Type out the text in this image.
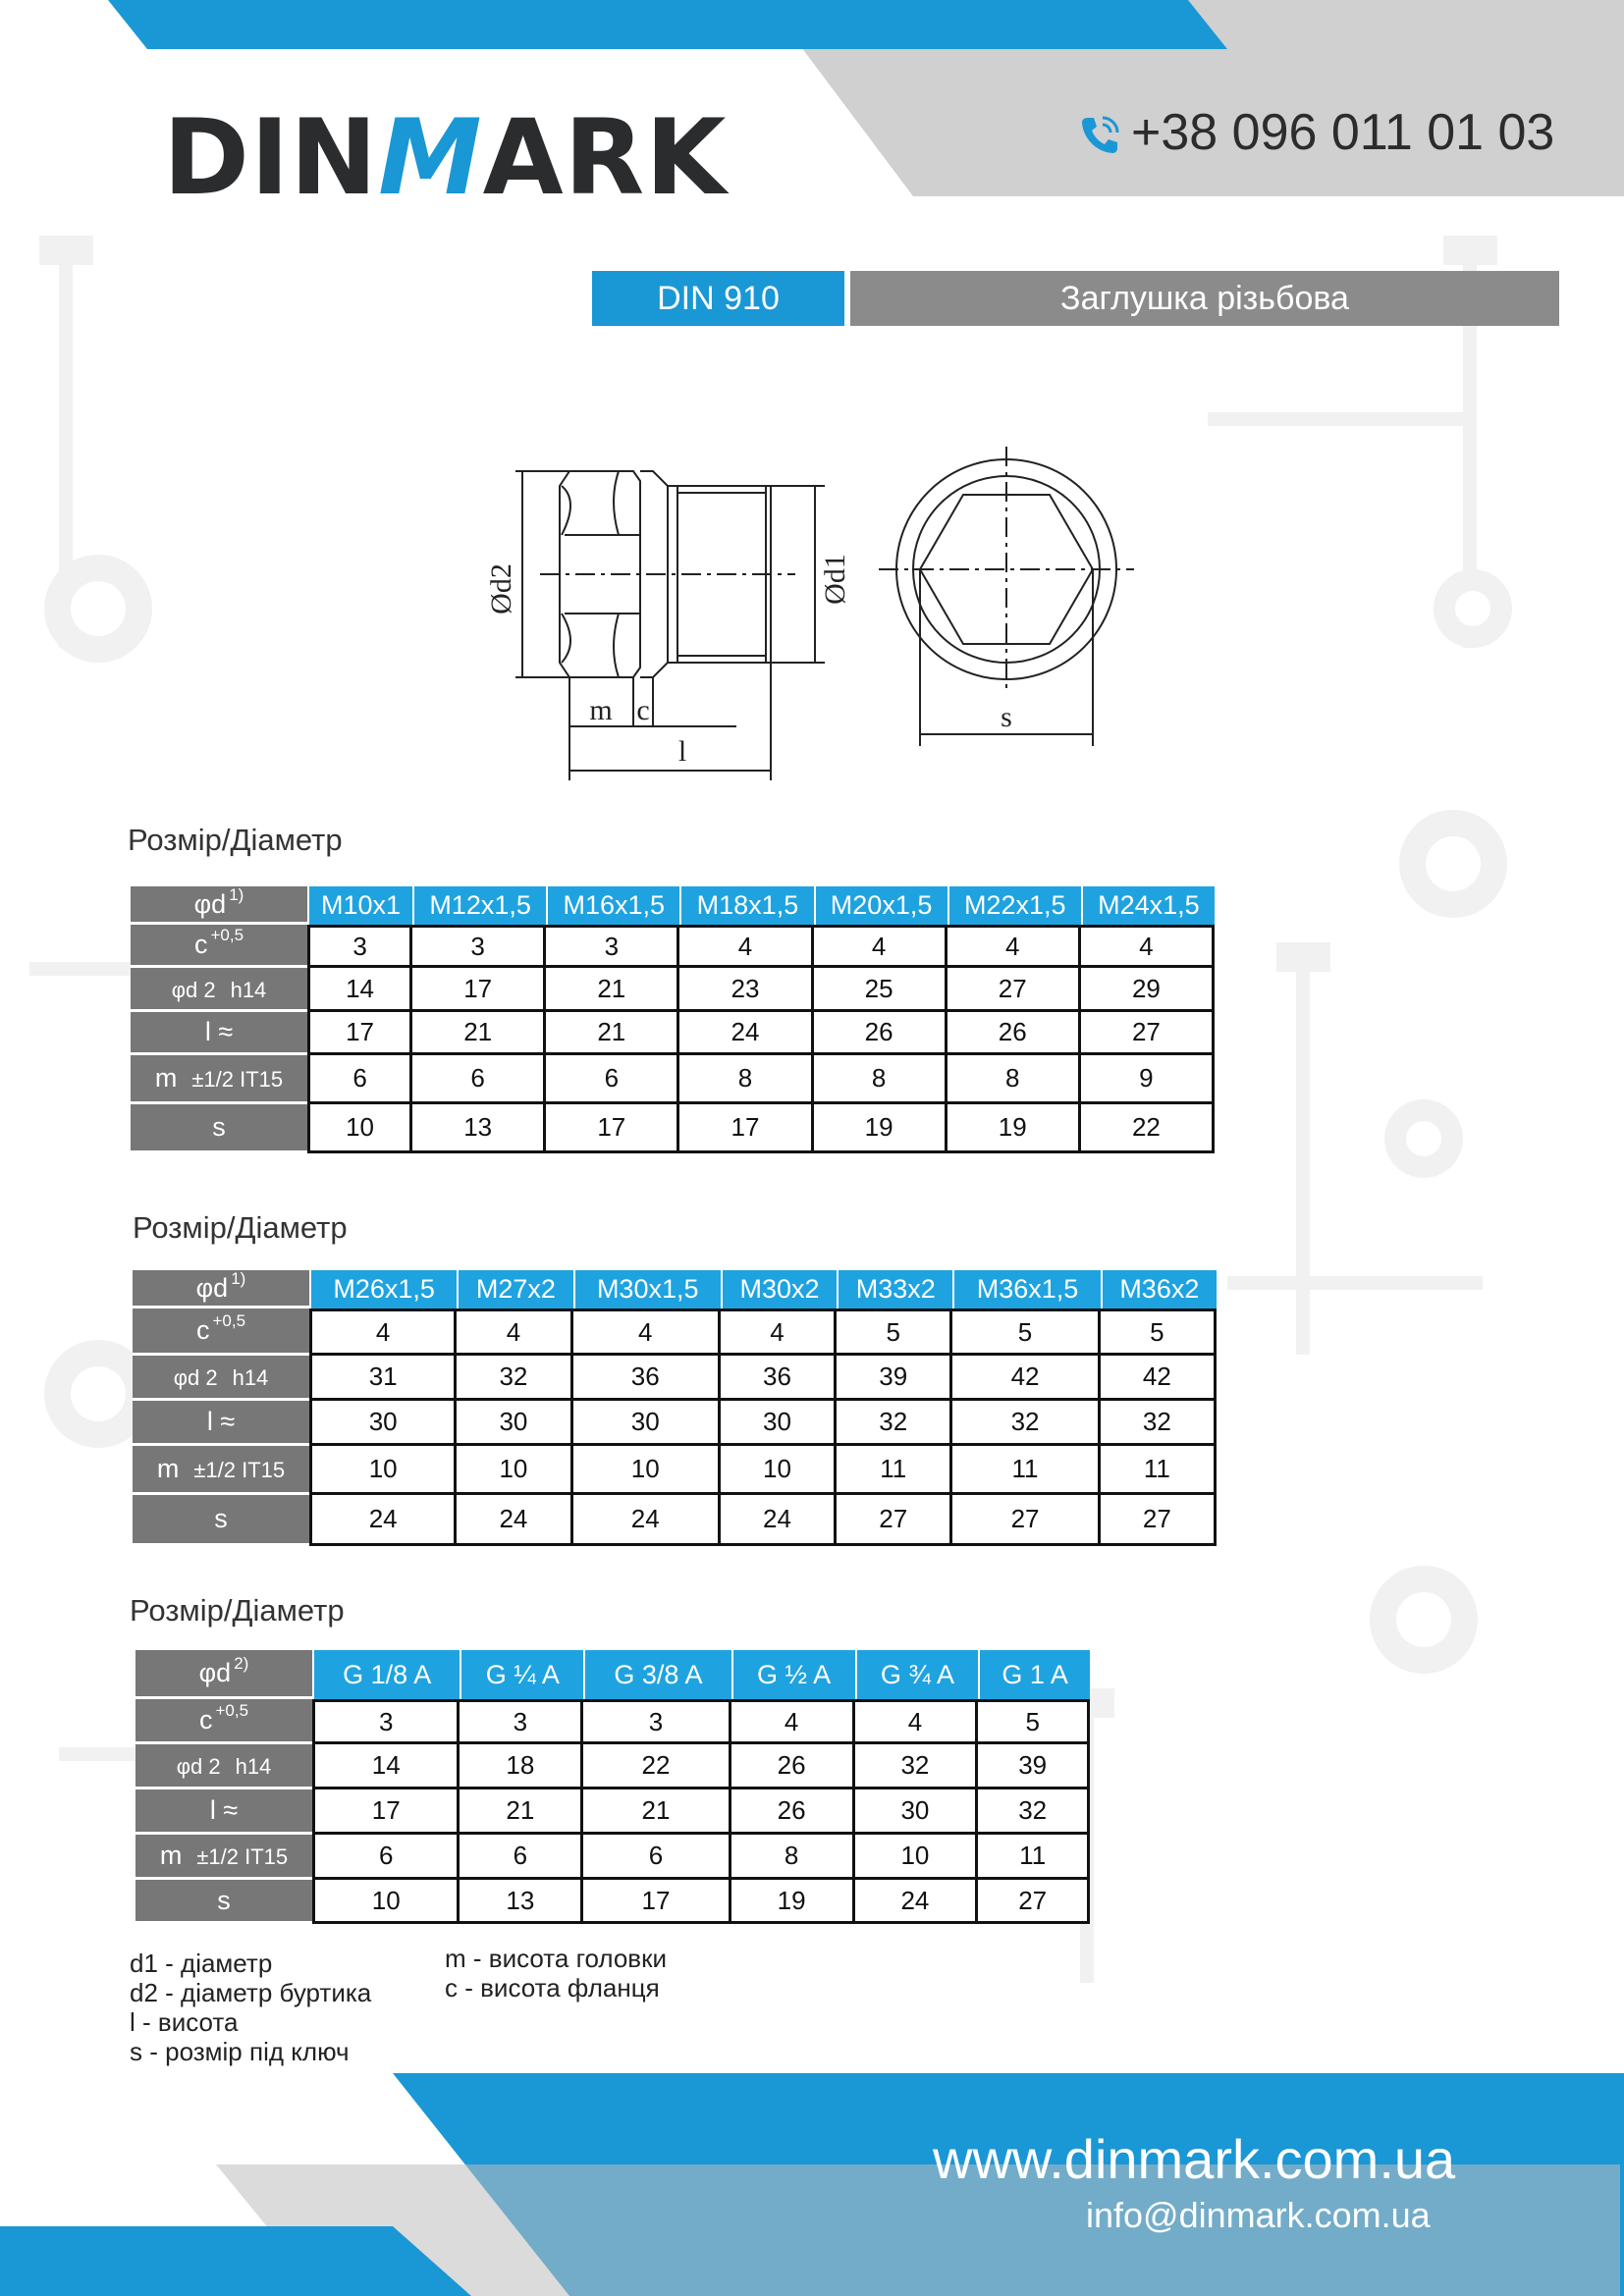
DINMARK	+38 096 011 01 03
DIN 910	Заглушка різьбова
Ød2	Ød1
m c
l
s
Розмір/Діаметр
φd $^{1)}$	M10x1	M12x1,5	M16x1,5	M18x1,5	M20x1,5	M22x1,5	M24x1,5
c $^{+0,5}$	3	3	3	4	4	4	4
φd 2 h14	14	17	21	23	25	27	29
l ≈	17	21	21	24	26	26	27
m ±1/2 IT15	6	6	6	8	8	8	9
s	10	13	17	17	19	19	22
Розмір/Діаметр
φd $^{1)}$	M26x1,5	M27x2	M30x1,5	M30x2	M33x2	M36x1,5	M36x2
c $^{+0,5}$	4	4	4	4	5	5	5
φd 2 h14	31	32	36	36	39	42	42
l ≈	30	30	30	30	32	32	32
m ±1/2 IT15	10	10	10	10	11	11	11
s	24	24	24	24	27	27	27
Розмір/Діаметр
φd $^{2)}$	G 1/8 A	G ¼ A	G 3/8 A	G ½ A	G ¾ A	G 1 A
c $^{+0,5}$	3	3	3	4	4	5
φd 2 h14	14	18	22	26	32	39
l ≈	17	21	21	26	30	32
m ±1/2 IT15	6	6	6	8	10	11
s	10	13	17	19	24	27
d1 - діаметр
d2 - діаметр буртика
l - висота
s - розмір під ключ
m - висота головки
c - висота фланця
www.dinmark.com.ua
info@dinmark.com.ua
